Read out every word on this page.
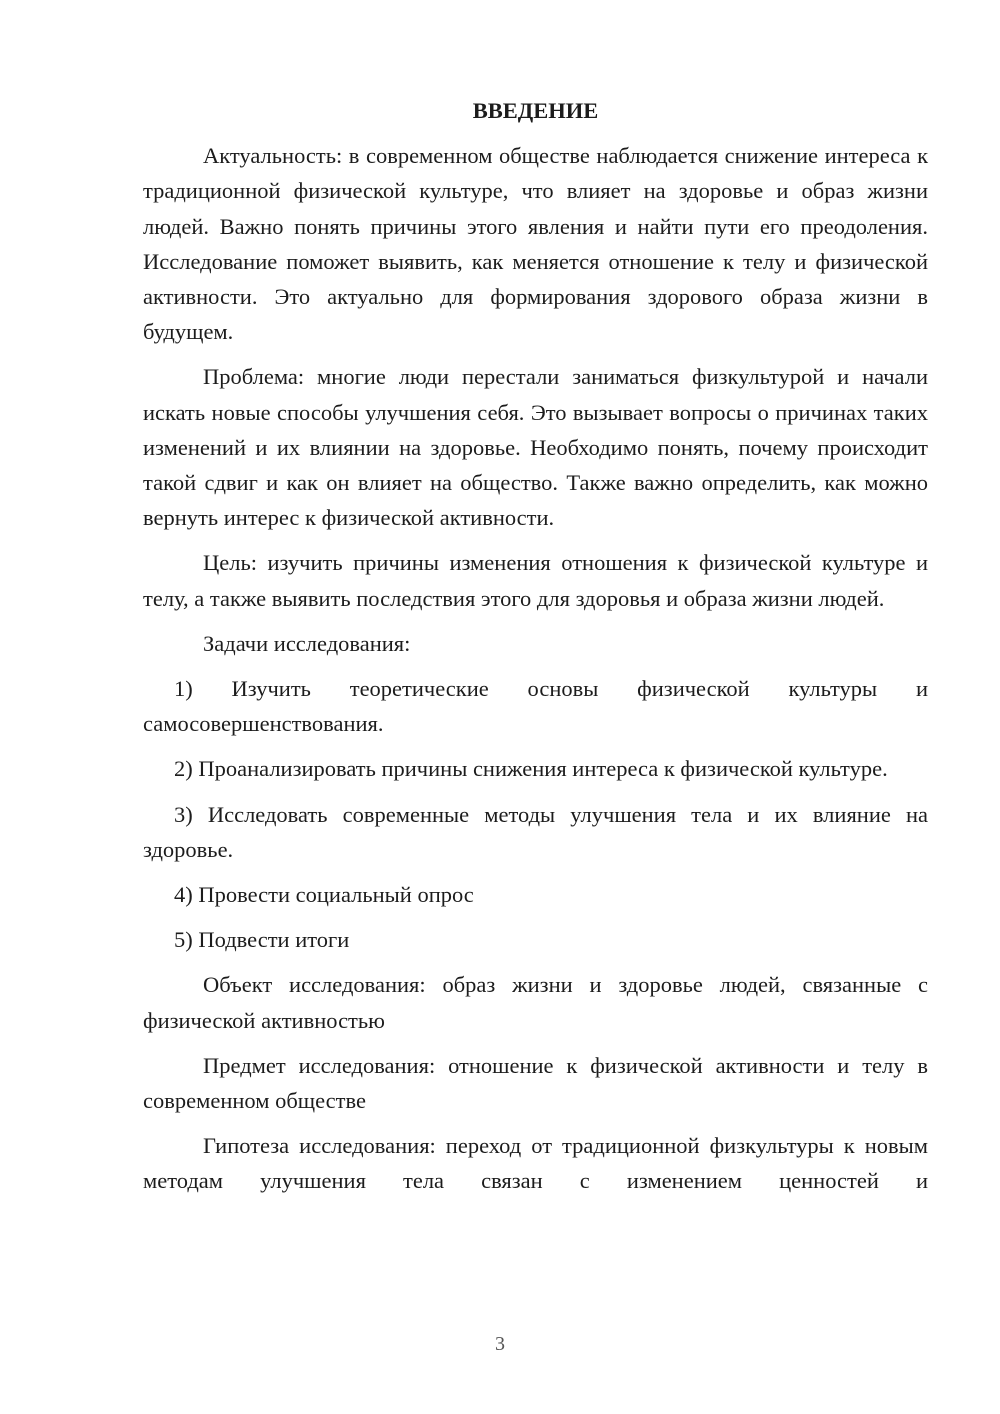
ВВЕДЕНИЕ

Актуальность: в современном обществе наблюдается снижение интереса к традиционной физической культуре, что влияет на здоровье и образ жизни людей. Важно понять причины этого явления и найти пути его преодоления. Исследование поможет выявить, как меняется отношение к телу и физической активности. Это актуально для формирования здорового образа жизни в будущем.

Проблема: многие люди перестали заниматься физкультурой и начали искать новые способы улучшения себя. Это вызывает вопросы о причинах таких изменений и их влиянии на здоровье. Необходимо понять, почему происходит такой сдвиг и как он влияет на общество. Также важно определить, как можно вернуть интерес к физической активности.

Цель: изучить причины изменения отношения к физической культуре и телу, а также выявить последствия этого для здоровья и образа жизни людей.

Задачи исследования:

1) Изучить теоретические основы физической культуры и самосовершенствования.

2) Проанализировать причины снижения интереса к физической культуре.

3) Исследовать современные методы улучшения тела и их влияние на здоровье.

4) Провести социальный опрос

5) Подвести итоги

Объект исследования: образ жизни и здоровье людей, связанные с физической активностью

Предмет исследования: отношение к физической активности и телу в современном обществе

Гипотеза исследования: переход от традиционной физкультуры к новым методам улучшения тела связан с изменением ценностей и

3
